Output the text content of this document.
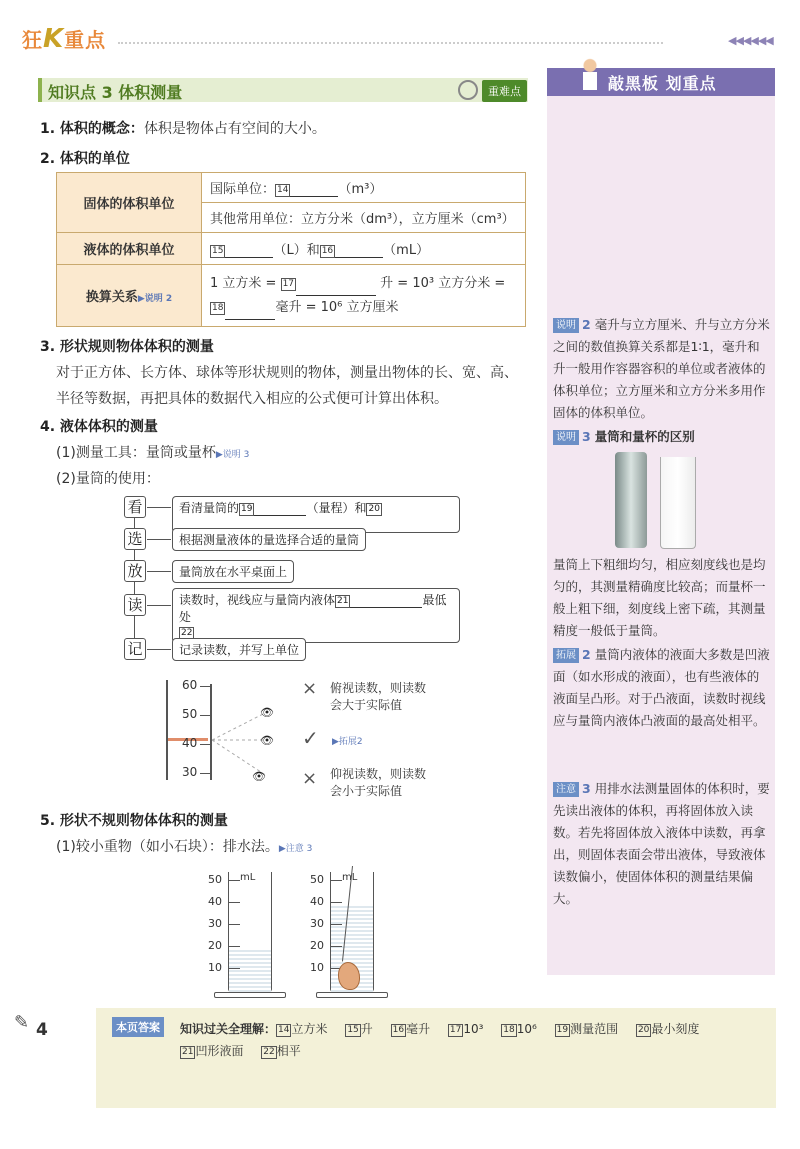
狂K重点	◀◀◀◀◀◀
知识点 3 体积测量	重难点
1. 体积的概念：体积是物体占有空间的大小。
2. 体积的单位
固体的体积单位	国际单位： 14 （m³）
	其他常用单位：立方分米（dm³），立方厘米（cm³）
液体的体积单位	15 （L）和 16 （mL）
换算关系▶说明 2	1 立方米 = 17 升 = 10³ 立方分米 =
18 毫升 = 10⁶ 立方厘米
3. 形状规则物体体积的测量
对于正方体、长方体、球体等形状规则的物体，测量出物体的长、宽、高、半径等数据，再把具体的数据代入相应的公式便可计算出体积。
4. 液体体积的测量
(1)测量工具：量筒或量杯▶说明 3
(2)量筒的使用：
看	看清量筒的 19	（量程）和 20
选	根据测量液体的量选择合适的量筒
放	量筒放在水平桌面上
读	读数时，视线应与量筒内液体 21	最低处
22
记	记录读数，并写上单位
60
50
40
30
👁
👁
👁
× 俯视读数，则读数会大于实际值
✓ ▶拓展2
× 仰视读数，则读数会小于实际值
5. 形状不规则物体体积的测量
(1)较小重物（如小石块）：排水法。▶注意 3
mL
50
40
30
20
10
mL
50
40
30
20
10
敲黑板 划重点
说明 2 毫升与立方厘米、升与立方分米之间的数值换算关系都是1∶1，毫升和升一般用作容器容积的单位或者液体的体积单位；立方厘米和立方分米多用作固体的体积单位。
说明 3 量筒和量杯的区别
量筒上下粗细均匀，相应刻度线也是均匀的，其测量精确度比较高；而量杯一般上粗下细，刻度线上密下疏，其测量精度一般低于量筒。
拓展 2 量筒内液体的液面大多数是凹液面（如水形成的液面），也有些液体的液面呈凸形。对于凸液面，读数时视线应与量筒内液体凸液面的最高处相平。
注意 3 用排水法测量固体的体积时，要先读出液体的体积，再将固体放入读数。若先将固体放入液体中读数，再拿出，则固体表面会带出液体，导致液体读数偏小，使固体体积的测量结果偏大。
✎ 4	本页答案	知识过关全理解： 14 立方米 15 升 16 毫升 17 10³ 18 10⁶ 19 测量范围 20 最小刻度 21 凹形液面 22 相平
